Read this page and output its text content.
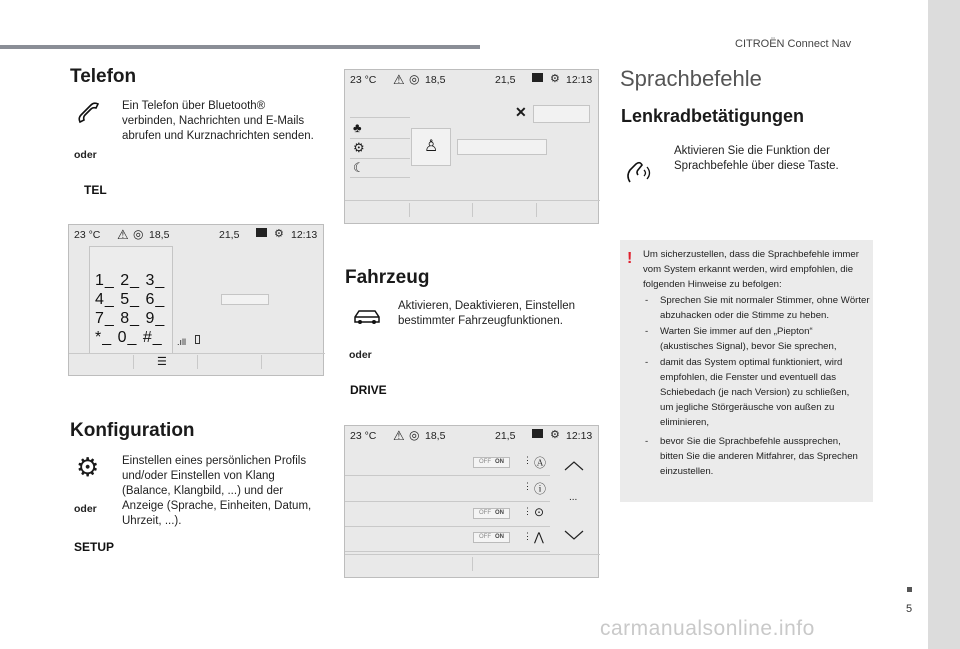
CITROËN Connect Nav
5
Telefon
oder
Ein Telefon über Bluetooth® verbinden, Nachrichten und E-Mails abrufen und Kurznachrichten senden.
TEL
23 °C ⚠ ◎ 18,5	21,5	⚙ 12:13
1_ 2_ 3_
4_ 5_ 6_
7_ 8_ 9_
*_ 0_ #_ .ıll
☰
Konfiguration
⚙
oder
Einstellen eines persönlichen Profils und/oder Einstellen von Klang (Balance, Klangbild, ...) und der Anzeige (Sprache, Einheiten, Datum, Uhrzeit, ...).
SETUP
23 °C ⚠ ◎ 18,5	21,5	⚙ 12:13
♣
⚙
☾
♙
✕
Fahrzeug
oder
Aktivieren, Deaktivieren, Einstellen bestimmter Fahrzeugfunktionen.
DRIVE
23 °C ⚠ ◎ 18,5	21,5	⚙ 12:13
OFF ON
OFF ON
OFF ON
⋮
⋮
⋮
⋮
Ⓐ
ⓘ
⊙
⋀
...
Sprachbefehle
Lenkradbetätigungen
Aktivieren Sie die Funktion der Sprachbefehle über diese Taste.
! Um sicherzustellen, dass die Sprachbefehle immer vom System erkannt werden, wird empfohlen, die folgenden Hinweise zu befolgen:
- Sprechen Sie mit normaler Stimmer, ohne Wörter abzuhacken oder die Stimme zu heben.
- Warten Sie immer auf den „Piepton“ (akustisches Signal), bevor Sie sprechen,
- damit das System optimal funktioniert, wird empfohlen, die Fenster und eventuell das Schiebedach (je nach Version) zu schließen, um jegliche Störgeräusche von außen zu eliminieren,
- bevor Sie die Sprachbefehle aussprechen, bitten Sie die anderen Mitfahrer, das Sprechen einzustellen.
carmanualsonline.info
